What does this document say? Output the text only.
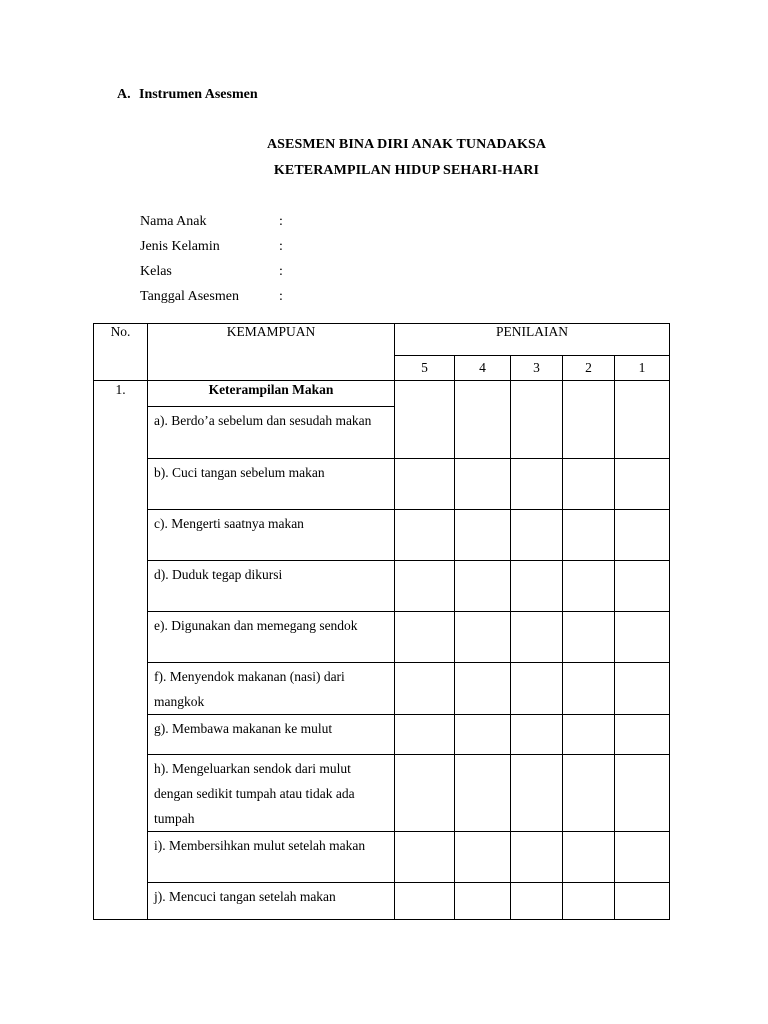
A. Instrumen Asesmen
ASESMEN BINA DIRI ANAK TUNADAKSA
KETERAMPILAN HIDUP SEHARI-HARI
Nama Anak	:
Jenis Kelamin	:
Kelas	:
Tanggal Asesmen	:
No.	KEMAMPUAN	PENILAIAN				
		5	4	3	2	1
1.	Keterampilan Makan					
	a). Berdo’a sebelum dan sesudah makan					
	b). Cuci tangan sebelum makan					
	c). Mengerti saatnya makan					
	d). Duduk tegap dikursi					
	e). Digunakan dan memegang sendok					
	f). Menyendok makanan (nasi) dari mangkok					
	g). Membawa makanan ke mulut					
	h). Mengeluarkan sendok dari mulut dengan sedikit tumpah atau tidak ada tumpah					
	i). Membersihkan mulut setelah makan					
	j). Mencuci tangan setelah makan					
